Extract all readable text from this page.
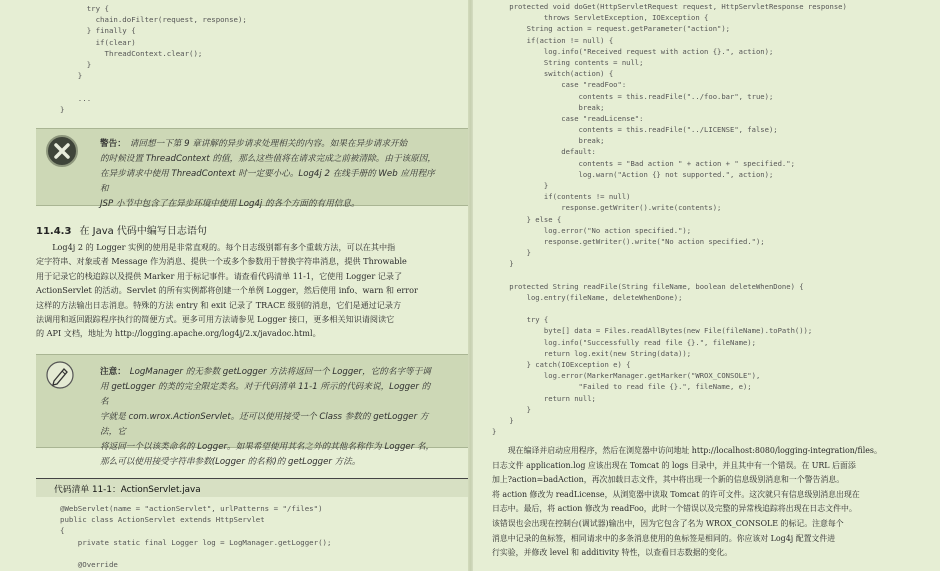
try {
chain.doFilter(request, response);
} finally {
if(clear)
ThreadContext.clear();
}
}
...
}
警告： 请回想一下第 9 章讲解的异步请求处理相关的内容。如果在异步请求开始
的时候设置 ThreadContext 的值，那么这些值将在请求完成之前被清除。由于该原因，
在异步请求中使用 ThreadContext 时一定要小心。Log4j 2 在线手册的 Web 应用程序和
JSP 小节中包含了在异步环境中使用 Log4j 的各个方面的有用信息。
11.4.3 在 Java 代码中编写日志语句
　　Log4j 2 的 Logger 实例的使用是非常直观的。每个日志级别都有多个重载方法，可以在其中指
定字符串、对象或者 Message 作为消息、提供一个或多个参数用于替换字符串消息，提供 Throwable
用于记录它的栈追踪以及提供 Marker 用于标记事件。请查看代码清单 11-1，它使用 Logger 记录了
ActionServlet 的活动。Servlet 的所有实例都将创建一个单例 Logger，然后使用 info、warn 和 error
这样的方法输出日志消息。特殊的方法 entry 和 exit 记录了 TRACE 级别的消息，它们是通过记录方
法调用和返回跟踪程序执行的简便方式。更多可用方法请参见 Logger 接口，更多相关知识请阅读它
的 API 文档，地址为 http://logging.apache.org/log4j/2.x/javadoc.html。
注意： LogManager 的无参数 getLogger 方法将返回一个 Logger，它的名字等于调
用 getLogger 的类的完全限定类名。对于代码清单 11-1 所示的代码来说，Logger 的名
字就是 com.wrox.ActionServlet。还可以使用接受一个 Class 参数的 getLogger 方法，它
将返回一个以该类命名的 Logger。如果希望使用其名之外的其他名称作为 Logger 名，
那么可以使用接受字符串参数(Logger 的名称)的 getLogger 方法。
代码清单 11-1：ActionServlet.java
@WebServlet(name = "actionServlet", urlPatterns = "/files")
public class ActionServlet extends HttpServlet
{
private static final Logger log = LogManager.getLogger();
@Override
protected void doGet(HttpServletRequest request, HttpServletResponse response)
throws ServletException, IOException {
String action = request.getParameter("action");
if(action != null) {
log.info("Received request with action {}.", action);
String contents = null;
switch(action) {
case "readFoo":
contents = this.readFile("../foo.bar", true);
break;
case "readLicense":
contents = this.readFile("../LICENSE", false);
break;
default:
contents = "Bad action " + action + " specified.";
log.warn("Action {} not supported.", action);
}
if(contents != null)
response.getWriter().write(contents);
} else {
log.error("No action specified.");
response.getWriter().write("No action specified.");
}
}
protected String readFile(String fileName, boolean deleteWhenDone) {
log.entry(fileName, deleteWhenDone);
try {
byte[] data = Files.readAllBytes(new File(fileName).toPath());
log.info("Successfully read file {}.", fileName);
return log.exit(new String(data));
} catch(IOException e) {
log.error(MarkerManager.getMarker("WROX_CONSOLE"),
"Failed to read file {}.", fileName, e);
return null;
}
}
}
　　现在编译并启动应用程序，然后在浏览器中访问地址 http://localhost:8080/logging-integration/files。
日志文件 application.log 应该出现在 Tomcat 的 logs 目录中，并且其中有一个错误。在 URL 后面添
加上?action=badAction，再次加载日志文件，其中将出现一个新的信息级别消息和一个警告消息。
将 action 修改为 readLicense，从浏览器中读取 Tomcat 的许可文件。这次就只有信息级别消息出现在
日志中。最后，将 action 修改为 readFoo，此时一个错误以及完整的异常栈追踪将出现在日志文件中。
该错误也会出现在控制台(调试器)输出中，因为它包含了名为 WROX_CONSOLE 的标记。注意每个
消息中记录的鱼标签，相同请求中的多条消息使用的鱼标签是相同的。你应该对 Log4j 配置文件进
行实验，并修改 level 和 additivity 特性，以查看日志数据的变化。
